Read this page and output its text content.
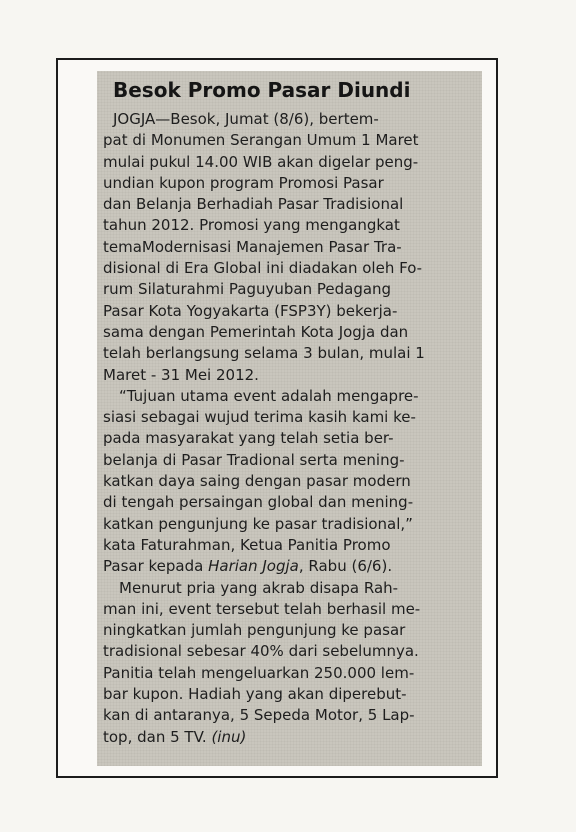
Besok Promo Pasar Diundi
JOGJA—Besok, Jumat (8/6), bertem-
pat di Monumen Serangan Umum 1 Maret
mulai pukul 14.00 WIB akan digelar peng-
undian kupon program Promosi Pasar
dan Belanja Berhadiah Pasar Tradisional
tahun 2012. Promosi yang mengangkat
temaModernisasi Manajemen Pasar Tra-
disional di Era Global ini diadakan oleh Fo-
rum Silaturahmi Paguyuban Pedagang
Pasar Kota Yogyakarta (FSP3Y) bekerja-
sama dengan Pemerintah Kota Jogja dan
telah berlangsung selama 3 bulan, mulai 1
Maret - 31 Mei 2012.
“Tujuan utama event adalah mengapre-
siasi sebagai wujud terima kasih kami ke-
pada masyarakat yang telah setia ber-
belanja di Pasar Tradional serta mening-
katkan daya saing dengan pasar modern
di tengah persaingan global dan mening-
katkan pengunjung ke pasar tradisional,”
kata Faturahman, Ketua Panitia Promo
Pasar kepada Harian Jogja, Rabu (6/6).
Menurut pria yang akrab disapa Rah-
man ini, event tersebut telah berhasil me-
ningkatkan jumlah pengunjung ke pasar
tradisional sebesar 40% dari sebelumnya.
Panitia telah mengeluarkan 250.000 lem-
bar kupon. Hadiah yang akan diperebut-
kan di antaranya, 5 Sepeda Motor, 5 Lap-
top, dan 5 TV. (inu)
